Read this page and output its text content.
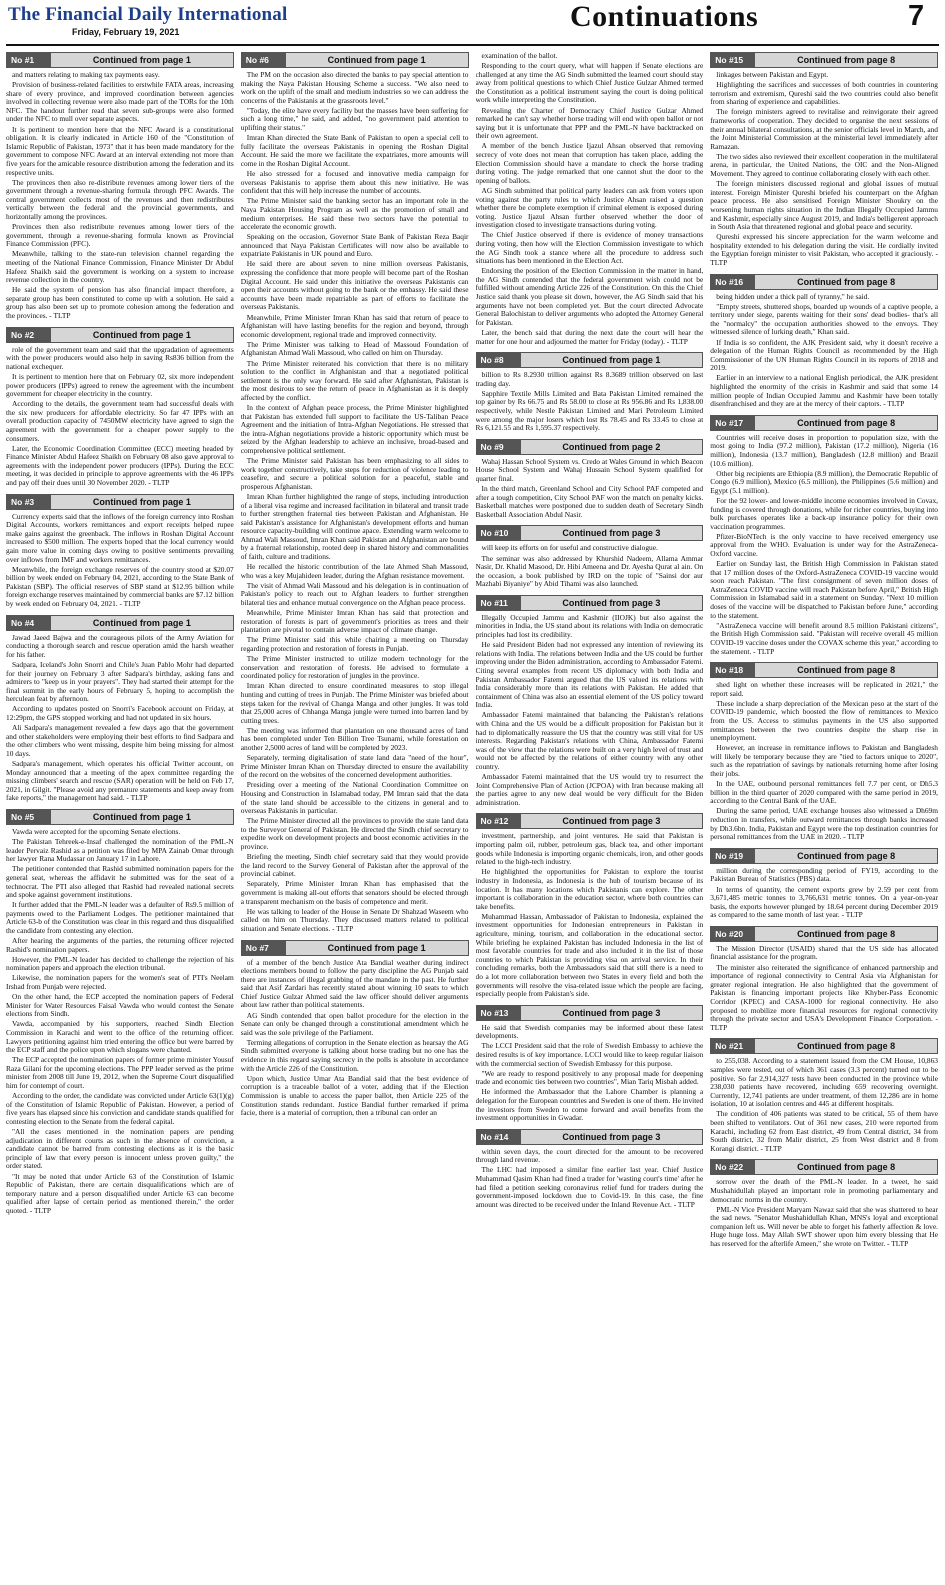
The Financial Daily International
Friday, February 19, 2021	Continuations	7
No #1	Continued from page 1

and matters relating to making tax payments easy.

Provision of business-related facilities to erstwhile FATA areas, increasing share of every province, and improved coordination between agencies involved in collecting revenue were also made part of the TORs for the 10th NFC. The handout further read that seven sub-groups were also formed under the NFC to mull over separate aspects.

It is pertinent to mention here that the NFC Award is a constitutional obligation. It is clearly indicated in Article 160 of the "Constitution of Islamic Republic of Pakistan, 1973" that it has been made mandatory for the government to compose NFC Award at an interval extending not more than five years for the amicable resource distribution among the federation and its respective units.

The provinces then also re-distribute revenues among lower tiers of the government through a revenue-sharing formula through PFC Awards. The central government collects most of the revenues and then redistributes vertically between the federal and the provincial governments, and horizontally among the provinces.

Provinces then also redistribute revenues among lower tiers of the government, through a revenue-sharing formula known as Provincial Finance Commission (PFC).

Meanwhile, talking to the state-run television channel regarding the meeting of the National Finance Commission, Finance Minister Dr Abdul Hafeez Shaikh said the government is working on a system to increase revenue collection in the country.

He said the system of pension has also financial impact therefore, a separate group has been constituted to come up with a solution. He said a group has also been set up to promote cohesion among the federation and the provinces. - TLTP

No #2	Continued from page 1

role of the government team and said that the upgradation of agreements with the power producers would also help in saving Rs836 billion from the national exchequer.

It is pertinent to mention here that on February 02, six more independent power producers (IPPs) agreed to renew the agreement with the incumbent government for cheaper electricity in the country.

According to the details, the government team had successful deals with the six new producers for affordable electricity. So far 47 IPPs with an overall production capacity of 7450MW electricity have agreed to sign the agreement with the government for a cheaper power supply to the consumers.

Later, the Economic Coordination Committee (ECC) meeting headed by Finance Minister Abdul Hafeez Shaikh on February 08 also gave approval to agreements with the independent power producers (IPPs). During the ECC meeting, it was decided in principle to approve agreements with the 46 IPPs and pay off their dues until 30 November 2020. - TLTP

No #3	Continued from page 1

Currency experts said that the inflows of the foreign currency into Roshan Digital Accounts, workers remittances and export receipts helped rupee make gains against the greenback. The inflows in Roshan Digital Account increased to $500 million. The experts hoped that the local currency would gain more value in coming days owing to positive sentiments prevailing over inflows from IMF and workers remittances.

Meanwhile, the foreign exchange reserves of the country stood at $20.07 billion by week ended on February 04, 2021, according to the State Bank of Pakistan (SBP). The official reserves of SBP stand at $12.95 billion while foreign exchange reserves maintained by commercial banks are $7.12 billion by week ended on February 04, 2021. - TLTP

No #4	Continued from page 1

Jawad Jaeed Bajwa and the courageous pilots of the Army Aviation for conducting a thorough search and rescue operation amid the harsh weather for his father.

Sadpara, Iceland's John Snorri and Chile's Juan Pablo Mohr had departed for their journey on February 3 after Sadpara's birthday, asking fans and admirers to "keep us in your prayers". They had started their attempt for the final summit in the early hours of February 5, hoping to accomplish the herculean feat by afternoon.

According to updates posted on Snorri's Facebook account on Friday, at 12:29pm, the GPS stopped working and had not updated in six hours.

Ali Sadpara's management revealed a few days ago that the government and other stakeholders were employing their best efforts to find Sadpara and the other climbers who went missing, despite him being missing for almost 10 days.

Sadpara's management, which operates his official Twitter account, on Monday announced that a meeting of the apex committee regarding the missing climbers' search and rescue (SAR) operation will be held on Feb 17, 2021, in Gilgit. "Please avoid any premature statements and keep away from fake reports," the management had said. - TLTP

No #5	Continued from page 1

Vawda were accepted for the upcoming Senate elections.

The Pakistan Tehreek-e-Insaf challenged the nomination of the PML-N leader Pervaiz Rashid as a petition was filed by MPA Zainab Omar through her lawyer Rana Mudassar on January 17 in Lahore.

The petitioner contended that Rashid submitted nomination papers for the general seat, whereas the affidavit he submitted was for the seat of a technocrat. The PTI also alleged that Rashid had revealed national secrets and spoke against government institutions.

It further added that the PML-N leader was a defaulter of Rs9.5 million of payments owed to the Parliament Lodges. The petitioner maintained that Article 63-b of the Constitution was clear in this regard and thus disqualified the candidate from contesting any election.

After hearing the arguments of the parties, the returning officer rejected Rashid's nomination papers.

However, the PML-N leader has decided to challenge the rejection of his nomination papers and approach the election tribunal.

Likewise, the nomination papers for the women's seat of PTI's Neelam Irshad from Punjab were rejected.

On the other hand, the ECP accepted the nomination papers of Federal Minister for Water Resources Faisal Vawda who would contest the Senate elections from Sindh.

Vawda, accompanied by his supporters, reached Sindh Election Commission in Karachi and went to the office of the returning officer. Lawyers petitioning against him tried entering the office but were barred by the ECP staff and the police upon which slogans were chanted.

The ECP accepted the nomination papers of former prime minister Yousuf Raza Gilani for the upcoming elections. The PPP leader served as the prime minister from 2008 till June 19, 2012, when the Supreme Court disqualified him for contempt of court.

According to the order, the candidate was convicted under Article 63(1)(g) of the Constitution of Islamic Republic of Pakistan. However, a period of five years has elapsed since his conviction and candidate stands qualified for contesting election to the Senate from the federal capital.

"All the cases mentioned in the nomination papers are pending adjudication in different courts as such in the absence of conviction, a candidate cannot be barred from contesting elections as it is the basic principle of law that every person is innocent unless proven guilty," the order stated.

"It may be noted that under Article 63 of the Constitution of Islamic Republic of Pakistan, there are certain disqualifications which are of temporary nature and a person disqualified under Article 63 can become qualified after lapse of certain period as mentioned therein," the order quoted. - TLTP

No #6	Continued from page 1

The PM on the occasion also directed the banks to pay special attention to making the Naya Pakistan Housing Scheme a success. "We also need to work on the uplift of the small and medium industries so we can address the concerns of the Pakistanis at the grassroots level."

"Today, the elite have every facility but the masses have been suffering for such a long time," he said, and added, "no government paid attention to uplifting their status."

Imran Khan directed the State Bank of Pakistan to open a special cell to fully facilitate the overseas Pakistanis in opening the Roshan Digital Account. He said the more we facilitate the expatriates, more amounts will come in the Roshan Digital Account.

He also stressed for a focused and innovative media campaign for overseas Pakistanis to apprise them about this new initiative. He was confident that this will help increase the number of accounts.

The Prime Minister said the banking sector has an important role in the Naya Pakistan Housing Program as well as the promotion of small and medium enterprises. He said these two sectors have the potential to accelerate the economic growth.

Speaking on the occasion, Governor State Bank of Pakistan Reza Baqir announced that Naya Pakistan Certificates will now also be available to expatriate Pakistanis in UK pound and Euro.

He said there are about seven to nine million overseas Pakistanis, expressing the confidence that more people will become part of the Roshan Digital Account. He said under this initiative the overseas Pakistanis can open their accounts without going to the bank or the embassy. He said these accounts have been made repatriable as part of efforts to facilitate the overseas Pakistanis.

Meanwhile, Prime Minister Imran Khan has said that return of peace to Afghanistan will have lasting benefits for the region and beyond, through economic development, regional trade and improved connectivity.

The Prime Minister was talking to Head of Massoud Foundation of Afghanistan Ahmad Wali Massoud, who called on him on Thursday.

The Prime Minister reiterated his conviction that there is no military solution to the conflict in Afghanistan and that a negotiated political settlement is the only way forward. He said after Afghanistan, Pakistan is the most desirous to see the return of peace in Afghanistan as it is deeply affected by the conflict.

In the context of Afghan peace process, the Prime Minister highlighted that Pakistan has extended full support to facilitate the US-Taliban Peace Agreement and the initiation of Intra-Afghan Negotiations. He stressed that the intra-Afghan negotiations provide a historic opportunity which must be seized by the Afghan leadership to achieve an inclusive, broad-based and comprehensive political settlement.

The Prime Minister said Pakistan has been emphasizing to all sides to work together constructively, take steps for reduction of violence leading to ceasefire, and secure a political solution for a peaceful, stable and prosperous Afghanistan.

Imran Khan further highlighted the range of steps, including introduction of a liberal visa regime and increased facilitation in bilateral and transit trade to further strengthen fraternal ties between Pakistan and Afghanistan. He said Pakistan's assistance for Afghanistan's development efforts and human resource capacity-building will continue apace. Extending warm welcome to Ahmad Wali Massoud, Imran Khan said Pakistan and Afghanistan are bound by a fraternal relationship, rooted deep in shared history and commonalities of faith, culture and traditions.

He recalled the historic contribution of the late Ahmed Shah Massoud, who was a key Mujahideen leader, during the Afghan resistance movement.

The visit of Ahmad Wali Massoud and his delegation is in continuation of Pakistan's policy to reach out to Afghan leaders to further strengthen bilateral ties and enhance mutual convergence on the Afghan peace process.

Meanwhile, Prime Minister Imran Khan has said that protection and restoration of forests is part of government's priorities as trees and their plantation are pivotal to contain adverse impact of climate change.

The Prime Minister said this while chairing a meeting on Thursday regarding protection and restoration of forests in Punjab.

The Prime Minister instructed to utilize modern technology for the conservation and restoration of forests. He advised to formulate a coordinated policy for restoration of jungles in the province.

Imran Khan directed to ensure coordinated measures to stop illegal hunting and cutting of trees in Punjab. The Prime Minister was briefed about steps taken for the revival of Changa Manga and other jungles. It was told that 25,000 acres of Chhanga Manga jungle were turned into barren land by cutting trees.

The meeting was informed that plantation on one thousand acres of land has been completed under Ten Billion Tree Tsunami, while forestation on another 2,5000 acres of land will be completed by 2023.

Separately, terming digitalisation of state land data "need of the hour", Prime Minister Imran Khan on Thursday directed to ensure the availability of the record on the websites of the concerned development authorities.

Presiding over a meeting of the National Coordination Committee on Housing and Construction in Islamabad today, PM Imran said that the data of the state land should be accessible to the citizens in general and to overseas Pakistanis in particular.

The Prime Minister directed all the provinces to provide the state land data to the Surveyor General of Pakistan. He directed the Sindh chief secretary to expedite work on development projects and boost economic activities in the province.

Briefing the meeting, Sindh chief secretary said that they would provide the land record to the Survey General of Pakistan after the approval of the provincial cabinet.

Separately, Prime Minister Imran Khan has emphasised that the government is making all-out efforts that senators should be elected through a transparent mechanism on the basis of competence and merit.

He was talking to leader of the House in Senate Dr Shahzad Waseem who called on him on Thursday. They discussed matters related to political situation and Senate elections. - TLTP

No #7	Continued from page 1

of a member of the bench Justice Ata Bandial weather during indirect elections members bound to follow the party discipline the AG Punjab said there are instances of illegal grabbing of the mandate in the past. He further said that Asif Zardari has recently stated about winning 10 seats to which Chief Justice Gulzar Ahmed said the law officer should deliver arguments about law rather than political statements.

AG Sindh contended that open ballot procedure for the election in the Senate can only be changed through a constitutional amendment which he said was the sole privilege of the Parliament.

Terming allegations of corruption in the Senate election as hearsay the AG Sindh submitted everyone is talking about horse trading but no one has the evidence in this regard saying secrecy in the polls is absolute in accordance with the Article 226 of the Constitution.

Upon which, Justice Umar Ata Bandial said that the best evidence of corruption is a traceable ballot of a voter, adding that if the Election Commission is unable to access the paper ballot, then Article 225 of the Constitution stands redundant. Justice Bandial further remarked if prima facie, there is a material of corruption, then a tribunal can order an

examination of the ballot.

Responding to the court query, what will happen if Senate elections are challenged at any time the AG Sindh submitted the learned court should stay away from political questions to which Chief Justice Gulzar Ahmed termed the Constitution as a political instrument saying the court is doing political work while interpreting the Constitution.

Revealing the Charter of Democracy Chief Justice Gulzar Ahmed remarked he can't say whether horse trading will end with open ballot or not saying but it is unfortunate that PPP and the PML-N have backtracked on their own agreement.

A member of the bench Justice Ijazul Ahsan observed that removing secrecy of vote does not mean that corruption has taken place, adding the Election Commission should have a mandate to check the horse trading during voting. The judge remarked that one cannot shut the door to the opening of ballots.

AG Sindh submitted that political party leaders can ask from voters upon voting against the party rules to which Justice Ahsan raised a question whether there be complete exemption if criminal element is exposed during voting. Justice Ijazul Ahsan further observed whether the door of investigation closed to investigate transactions during voting.

The Chief Justice observed if there is evidence of money transactions during voting, then how will the Election Commission investigate to which the AG Sindh took a stance where all the procedure to address such situations has been mentioned in the Election Act.

Endorsing the position of the Election Commission in the matter in hand, the AG Sindh contended that the federal government wish could not be fulfilled without amending Article 226 of the Constitution. On this the Chief Justice said thank you please sit down, however, the AG Sindh said that his arguments have not been completed yet. But the court directed Advocate General Balochistan to deliver arguments who adopted the Attorney General for Pakistan.

Later, the bench said that during the next date the court will hear the matter for one hour and adjourned the matter for Friday (today). - TLTP

No #8	Continued from page 1

billion to Rs 8.2930 trillion against Rs 8.3689 trillion observed on last trading day.

Sapphire Textile Mills Limited and Bata Pakistan Limited remained the top gainer by Rs 66.75 and Rs 58.00 to close at Rs 956.86 and Rs 1,838.00 respectively, while Nestle Pakistan Limited and Mari Petroleum Limited were among the major losers which lost Rs 78.45 and Rs 33.45 to close at Rs 6,121.55 and Rs 1,595.37 respectively.

No #9	Continued from page 2

Wahaj Hassan School System vs. Credo at Wales Ground in which Beacon House School System and Wahaj Hussain School System qualified for quarter final.

In the third match, Greenland School and City School PAF competed and after a tough competition, City School PAF won the match on penalty kicks. Basketball matches were postponed due to sudden death of Secretary Sindh Basketball Association Abdul Nasir.

No #10	Continued from page 3

will keep its efforts on for useful and constructive dialogue.

The seminar was also addressed by Khurshid Nadeem, Allama Ammar Nasir, Dr. Khalid Masood, Dr. Hibi Ameena and Dr. Ayesha Qurat al ain. On the occasion, a book published by IRD on the topic of "Sainsi dor aur Mazhabi Biyaniye" by Abid Tihami was also launched.

No #11	Continued from page 3

Illegally Occupied Jammu and Kashmir (IIOJK) but also against the minorities in India, the US stand about its relations with India on democratic principles had lost its credibility.

He said President Biden had not expressed any intention of reviewing its relations with India. The relations between India and the US could be further improving under the Biden administration, according to Ambassador Fatemi. Citing several examples from recent US diplomacy with both India and Pakistan Ambassador Fatemi argued that the US valued its relations with India considerably more than its relations with Pakistan. He added that containment of China was also an essential element of the US policy toward India.

Ambassador Fatemi maintained that balancing the Pakistan's relations with China and the US would be a difficult proposition for Pakistan but it had to diplomatically reassure the US that the country was still vital for US interests. Regarding Pakistan's relations with China, Ambassador Fatemi was of the view that the relations were built on a very high level of trust and would not be affected by the relations of either country with any other country.

Ambassador Fatemi maintained that the US would try to resurrect the Joint Comprehensive Plan of Action (JCPOA) with Iran because making all the parties agree to any new deal would be very difficult for the Biden administration.

No #12	Continued from page 3

investment, partnership, and joint ventures. He said that Pakistan is importing palm oil, rubber, petroleum gas, black tea, and other important goods while Indonesia is importing organic chemicals, iron, and other goods related to the high-tech industry.

He highlighted the opportunities for Pakistan to explore the tourist industry in Indonesia, as Indonesia is the hub of tourism because of its location. It has many locations which Pakistanis can explore. The other important is collaboration in the education sector, where both countries can take benefits.

Muhammad Hassan, Ambassador of Pakistan to Indonesia, explained the investment opportunities for Indonesian entrepreneurs in Pakistan in agriculture, mining, tourism, and collaboration in the educational sector. While briefing he explained Pakistan has included Indonesia in the list of most favorable countries for trade and also included it in the list of those countries to which Pakistan is providing visa on arrival service. In their concluding remarks, both the Ambassadors said that still there is a need to do a lot more collaboration between two States in every field and both the governments will resolve the visa-related issue which the people are facing, especially people from Pakistan's side.

No #13	Continued from page 3

He said that Swedish companies may be informed about these latest developments.

The LCCI President said that the role of Swedish Embassy to achieve the desired results is of key importance. LCCI would like to keep regular liaison with the commercial section of Swedish Embassy for this purpose.

"We are ready to respond positively to any proposal made for deepening trade and economic ties between two countries", Mian Tariq Misbah added.

He informed the Ambassador that the Lahore Chamber is planning a delegation for the European countries and Sweden is one of them. He invited the investors from Sweden to come forward and avail benefits from the investment opportunities in Gwadar.

No #14	Continued from page 3

within seven days, the court directed for the amount to be recovered through land revenue.

The LHC had imposed a similar fine earlier last year. Chief Justice Muhammad Qasim Khan had fined a trader for 'wasting court's time' after he had filed a petition seeking coronavirus relief fund for traders during the government-imposed lockdown due to Covid-19. In this case, the fine amount was directed to be received under the Inland Revenue Act. - TLTP

No #15	Continued from page 8

linkages between Pakistan and Egypt.

Highlighting the sacrifices and successes of both countries in countering terrorism and extremism, Qureshi said the two countries could also benefit from sharing of experience and capabilities.

The foreign ministers agreed to revitalise and reinvigorate their agreed frameworks of cooperation. They decided to organise the next sessions of their annual bilateral consultations, at the senior officials level in March, and the Joint Ministerial Commission at the ministerial level immediately after Ramazan.

The two sides also reviewed their excellent cooperation in the multilateral arena, in particular, the United Nations, the OIC and the Non-Aligned Movement. They agreed to continue collaborating closely with each other.

The foreign ministers discussed regional and global issues of mutual interest. Foreign Minister Qureshi briefed his counterpart on the Afghan peace process. He also sensitised Foreign Minister Shoukry on the worsening human rights situation in the Indian Illegally Occupied Jammu and Kashmir, especially since August 2019, and India's belligerent approach in South Asia that threatened regional and global peace and security.

Qureshi expressed his sincere appreciation for the warm welcome and hospitality extended to his delegation during the visit. He cordially invited the Egyptian foreign minister to visit Pakistan, who accepted it graciously. - TLTP

No #16	Continued from page 8

being hidden under a thick pall of tyranny," he said.

"Empty streets, shuttered shops, boarded up wounds of a captive people, a territory under siege, parents waiting for their sons' dead bodies- that's all the "normalcy" the occupation authorities showed to the envoys. They witnessed silence of lurking death," Khan said.

If India is so confident, the AJK President said, why it doesn't receive a delegation of the Human Rights Council as recommended by the High Commissioner of the UN Human Rights Council in its reports of 2018 and 2019.

Earlier in an interview to a national English periodical, the AJK president highlighted the enormity of the crisis in Kashmir and said that some 14 million people of Indian Occupied Jammu and Kashmir have been totally disenfranchised and they are at the mercy of their captors. - TLTP

No #17	Continued from page 8

Countries will receive doses in proportion to population size, with the most going to India (97.2 million), Pakistan (17.2 million), Nigeria (16 million), Indonesia (13.7 million), Bangladesh (12.8 million) and Brazil (10.6 million).

Other big recipients are Ethiopia (8.9 million), the Democratic Republic of Congo (6.9 million), Mexico (6.5 million), the Philippines (5.6 million) and Egypt (5.1 million).

For the 92 lower- and lower-middle income economies involved in Covax, funding is covered through donations, while for richer countries, buying into bulk purchases operates like a back-up insurance policy for their own vaccination programmes.

Pfizer-BioNTech is the only vaccine to have received emergency use approval from the WHO. Evaluation is under way for the AstraZeneca-Oxford vaccine.

Earlier on Sunday last, the British High Commission in Pakistan stated that 17 million doses of the Oxford-AstraZeneca COVID-19 vaccine would soon reach Pakistan. "The first consignment of seven million doses of AstraZeneca COVID vaccine will reach Pakistan before April," British High Commission in Islamabad said in a statement on Sunday. "Next 10 million doses of the vaccine will be dispatched to Pakistan before June," according to the statement.

"AstraZeneca vaccine will benefit around 8.5 million Pakistani citizens", the British High Commission said. "Pakistan will receive overall 45 million COVID-19 vaccine doses under the COVAX scheme this year," according to the statement. - TLTP

No #18	Continued from page 8

shed light on whether these increases will be replicated in 2021," the report said.

These include a sharp depreciation of the Mexican peso at the start of the COVID-19 pandemic, which boosted the flow of remittances to Mexico from the US. Access to stimulus payments in the US also supported remittances between the two countries despite the sharp rise in unemployment.

However, an increase in remittance inflows to Pakistan and Bangladesh will likely be temporary because they are "tied to factors unique to 2020", such as the repatriation of savings by nationals returning home after losing their jobs.

In the UAE, outbound personal remittances fell 7.7 per cent, or Dh5.3 billion in the third quarter of 2020 compared with the same period in 2019, according to the Central Bank of the UAE.

During the same period, UAE exchange houses also witnessed a Dh69m reduction in transfers, while outward remittances through banks increased by Dh3.6bn. India, Pakistan and Egypt were the top destination countries for personal remittances from the UAE in 2020. - TLTP

No #19	Continued from page 8

million during the corresponding period of FY19, according to the Pakistan Bureau of Statistics (PBS) data.

In terms of quantity, the cement exports grew by 2.59 per cent from 3,671,485 metric tonnes to 3,766,631 metric tonnes. On a year-on-year basis, the exports however plunged by 18.64 percent during December 2019 as compared to the same month of last year. - TLTP

No #20	Continued from page 8

The Mission Director (USAID) shared that the US side has allocated financial assistance for the program.

The minister also reiterated the significance of enhanced partnership and importance of regional connectivity to Central Asia via Afghanistan for greater regional integration. He also highlighted that the government of Pakistan is financing important projects like Khyber-Pass Economic Corridor (KPEC) and CASA-1000 for regional connectivity. He also proposed to mobilize more financial resources for regional connectivity through the private sector and USA's Development Finance Corporation. - TLTP

No #21	Continued from page 8

to 255,038. According to a statement issued from the CM House, 10,863 samples were tested, out of which 361 cases (3.3 percent) turned out to be positive. So far 2,914,327 tests have been conducted in the province while 238,030 patients have recovered, including 659 recovering overnight. Currently, 12,741 patients are under treatment, of them 12,286 are in home isolation, 10 at isolation centres and 445 at different hospitals.

The condition of 406 patients was stated to be critical, 55 of them have been shifted to ventilators. Out of 361 new cases, 210 were reported from Karachi, including 62 from East district, 49 from Central district, 34 from South district, 32 from Malir district, 25 from West district and 8 from Korangi district. - TLTP

No #22	Continued from page 8

sorrow over the death of the PML-N leader. In a tweet, he said Mushahidullah played an important role in promoting parliamentary and democratic norms in the country.

PML-N Vice President Maryam Nawaz said that she was shattered to hear the sad news. "Senator Mushahidullah Khan, MNS's loyal and exceptional companion left us. Will never be able to forget his fatherly affection & love. Huge huge loss. May Allah SWT shower upon him every blessing that He has reserved for the afterlife Ameen," she wrote on Twitter. - TLTP
